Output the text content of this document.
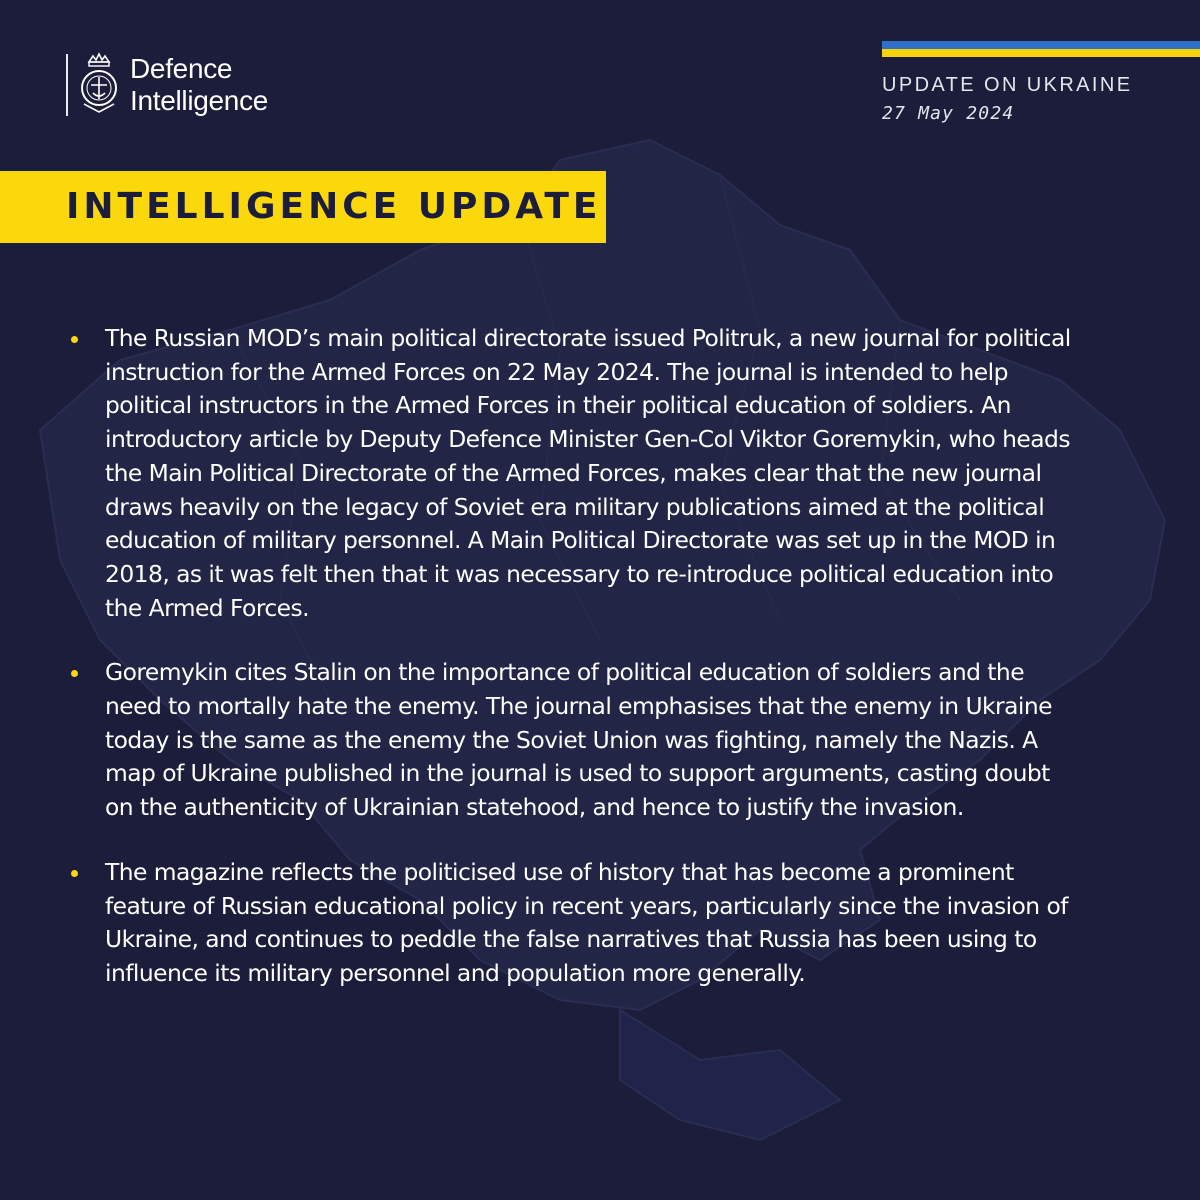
Defence
Intelligence	UPDATE ON UKRAINE
27 May 2024
INTELLIGENCE UPDATE

The Russian MOD’s main political directorate issued Politruk, a new journal for political instruction for the Armed Forces on 22 May 2024. The journal is intended to help political instructors in the Armed Forces in their political education of soldiers. An introductory article by Deputy Defence Minister Gen-Col Viktor Goremykin, who heads the Main Political Directorate of the Armed Forces, makes clear that the new journal draws heavily on the legacy of Soviet era military publications aimed at the political education of military personnel. A Main Political Directorate was set up in the MOD in 2018, as it was felt then that it was necessary to re-introduce political education into the Armed Forces.

Goremykin cites Stalin on the importance of political education of soldiers and the need to mortally hate the enemy. The journal emphasises that the enemy in Ukraine today is the same as the enemy the Soviet Union was fighting, namely the Nazis. A map of Ukraine published in the journal is used to support arguments, casting doubt on the authenticity of Ukrainian statehood, and hence to justify the invasion.

The magazine reflects the politicised use of history that has become a prominent feature of Russian educational policy in recent years, particularly since the invasion of Ukraine, and continues to peddle the false narratives that Russia has been using to influence its military personnel and population more generally.
